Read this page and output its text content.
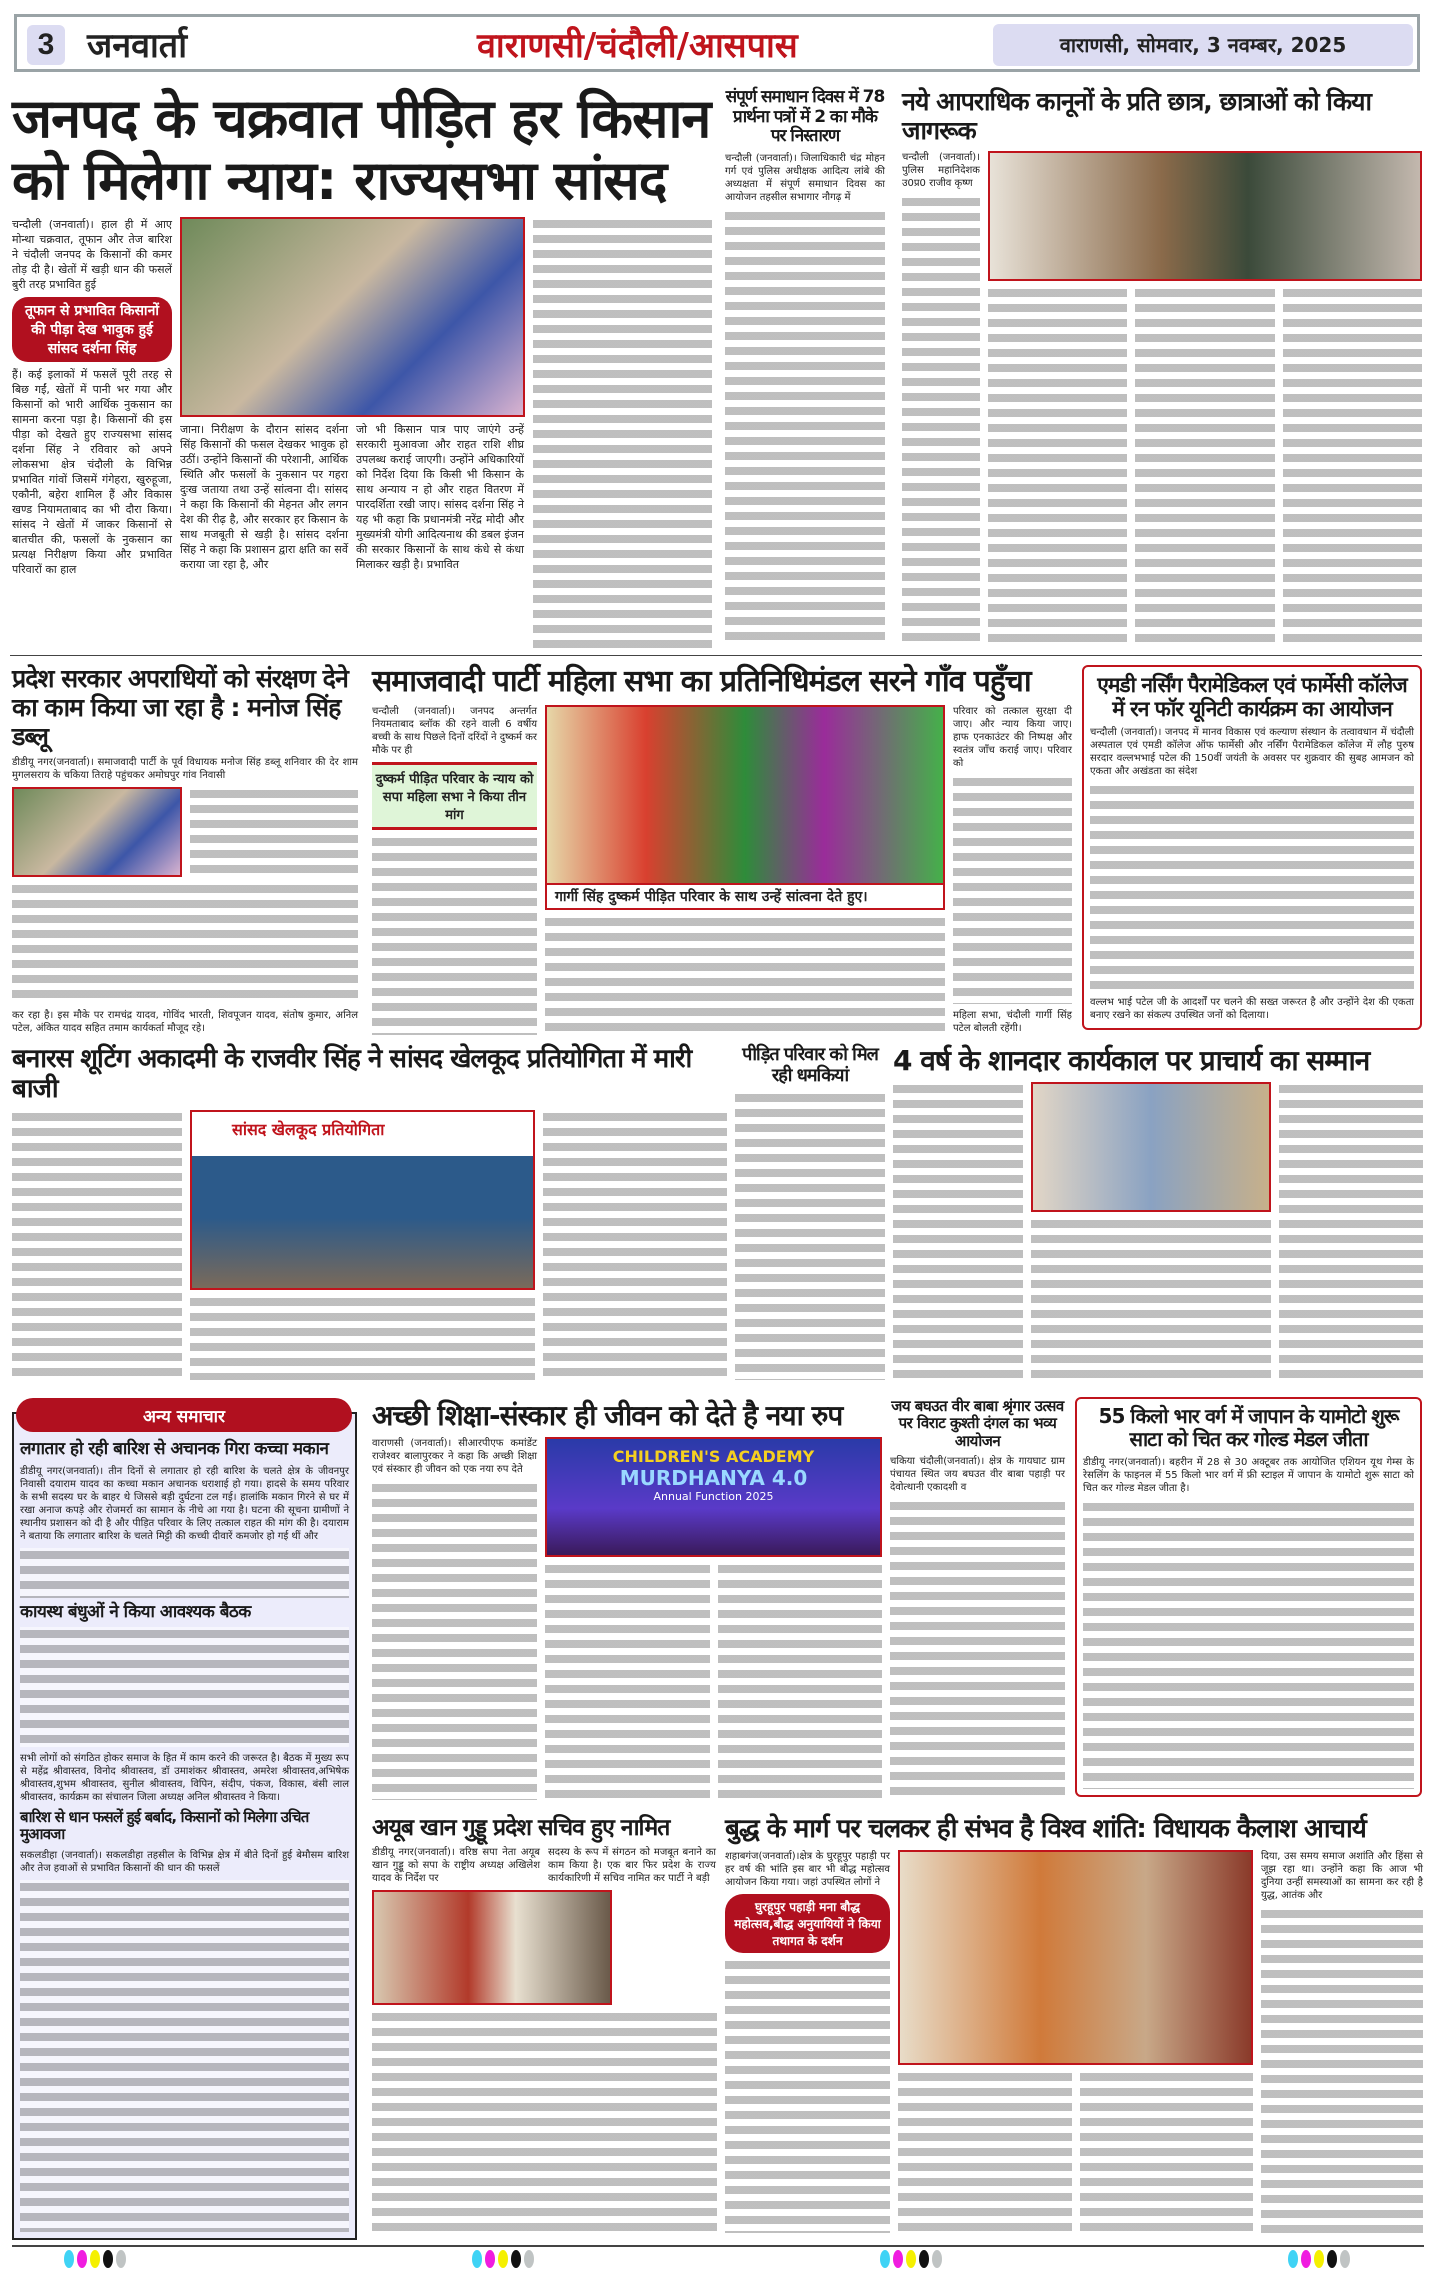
3 जनवार्ता	वाराणसी/चंदौली/आसपास	वाराणसी, सोमवार, 3 नवम्बर, 2025
जनपद के चक्रवात पीड़ित हर किसान को मिलेगा न्याय: राज्यसभा सांसद
चन्दौली (जनवार्ता)। हाल ही में आए मोन्था चक्रवात, तूफान और तेज बारिश ने चंदौली जनपद के किसानों की कमर तोड़ दी है। खेतों में खड़ी धान की फसलें बुरी तरह प्रभावित हुई
तूफान से प्रभावित किसानों की पीड़ा देख भावुक हुई सांसद दर्शना सिंह
हैं। कई इलाकों में फसलें पूरी तरह से बिछ गईं, खेतों में पानी भर गया और किसानों को भारी आर्थिक नुकसान का सामना करना पड़ा है। किसानों की इस पीड़ा को देखते हुए राज्यसभा सांसद दर्शना सिंह ने रविवार को अपने लोकसभा क्षेत्र चंदौली के विभिन्न प्रभावित गांवों जिसमें गंगेहरा, खुरुहूजा, एकौनी, बहेरा शामिल हैं और विकास खण्ड नियामताबाद का भी दौरा किया। सांसद ने खेतों में जाकर किसानों से बातचीत की, फसलों के नुकसान का प्रत्यक्ष निरीक्षण किया और प्रभावित परिवारों का हाल
जाना। निरीक्षण के दौरान सांसद दर्शना सिंह किसानों की फसल देखकर भावुक हो उठीं। उन्होंने किसानों की परेशानी, आर्थिक स्थिति और फसलों के नुकसान पर गहरा दुःख जताया तथा उन्हें सांत्वना दी। सांसद ने कहा कि किसानों की मेहनत और लगन देश की रीढ़ है, और सरकार हर किसान के साथ मजबूती से खड़ी है। सांसद दर्शना सिंह ने कहा कि प्रशासन द्वारा क्षति का सर्वे कराया जा रहा है, और
जो भी किसान पात्र पाए जाएंगे उन्हें सरकारी मुआवजा और राहत राशि शीघ्र उपलब्ध कराई जाएगी। उन्होंने अधिकारियों को निर्देश दिया कि किसी भी किसान के साथ अन्याय न हो और राहत वितरण में पारदर्शिता रखी जाए। सांसद दर्शना सिंह ने यह भी कहा कि प्रधानमंत्री नरेंद्र मोदी और मुख्यमंत्री योगी आदित्यनाथ की डबल इंजन की सरकार किसानों के साथ कंधे से कंधा मिलाकर खड़ी है। प्रभावित
संपूर्ण समाधान दिवस में 78 प्रार्थना पत्रों में 2 का मौके पर निस्तारण
चन्दौली (जनवार्ता)। जिलाधिकारी चंद्र मोहन गर्ग एवं पुलिस अधीक्षक आदित्य लांबे की अध्यक्षता में संपूर्ण समाधान दिवस का आयोजन तहसील सभागार नौगढ़ में
नये आपराधिक कानूनों के प्रति छात्र, छात्राओं को किया जागरूक
चन्दौली (जनवार्ता)। पुलिस महानिदेशक उ0प्र0 राजीव कृष्ण
प्रदेश सरकार अपराधियों को संरक्षण देने का काम किया जा रहा है : मनोज सिंह डब्लू
डीडीयू नगर(जनवार्ता)। समाजवादी पार्टी के पूर्व विधायक मनोज सिंह डब्लू शनिवार की देर शाम मुगलसराय के चकिया तिराहे पहुंचकर अमोघपुर गांव निवासी
कर रहा है। इस मौके पर रामचंद्र यादव, गोविंद भारती, शिवपूजन यादव, संतोष कुमार, अनिल पटेल, अंकित यादव सहित तमाम कार्यकर्ता मौजूद रहे।
समाजवादी पार्टी महिला सभा का प्रतिनिधिमंडल सरने गाँव पहुँचा
चन्दौली (जनवार्ता)। जनपद अन्तर्गत नियमताबाद ब्लॉक की रहने वाली 6 वर्षीय बच्ची के साथ पिछले दिनों दरिंदों ने दुष्कर्म कर मौके पर ही
दुष्कर्म पीड़ित परिवार के न्याय को सपा महिला सभा ने किया तीन मांग
गार्गी सिंह दुष्कर्म पीड़ित परिवार के साथ उन्हें सांत्वना देते हुए।
परिवार को तत्काल सुरक्षा दी जाए। और न्याय किया जाए। हाफ एनकाउंटर की निष्पक्ष और स्वतंत्र जाँच कराई जाए। परिवार को
महिला सभा, चंदौली गार्गी सिंह पटेल बोलती रहेंगी।
एमडी नर्सिंग पैरामेडिकल एवं फार्मेसी कॉलेज में रन फॉर यूनिटी कार्यक्रम का आयोजन
चन्दौली (जनवार्ता)। जनपद में मानव विकास एवं कल्याण संस्थान के तत्वावधान में चंदौली अस्पताल एवं एमडी कॉलेज ऑफ फार्मेसी और नर्सिंग पैरामेडिकल कॉलेज में लौह पुरुष सरदार वल्लभभाई पटेल की 150वीं जयंती के अवसर पर शुक्रवार की सुबह आमजन को एकता और अखंडता का संदेश
वल्लभ भाई पटेल जी के आदर्शों पर चलने की सख्त जरूरत है और उन्होंने देश की एकता बनाए रखने का संकल्प उपस्थित जनों को दिलाया।
बनारस शूटिंग अकादमी के राजवीर सिंह ने सांसद खेलकूद प्रतियोगिता में मारी बाजी
सांसद खेलकूद प्रतियोगिता
पीड़ित परिवार को मिल रही धमकियां	4 वर्ष के शानदार कार्यकाल पर प्राचार्य का सम्मान
लगातार हो रही बारिश से अचानक गिरा कच्चा मकान
डीडीयू नगर(जनवार्ता)। तीन दिनों से लगातार हो रही बारिश के चलते क्षेत्र के जीवनपुर निवासी दयाराम यादव का कच्चा मकान अचानक धराशाई हो गया। हादसे के समय परिवार के सभी सदस्य घर के बाहर थे जिससे बड़ी दुर्घटना टल गई। हालांकि मकान गिरने से घर में रखा अनाज कपड़े और रोजमर्रा का सामान के नीचे आ गया है। घटना की सूचना ग्रामीणों ने स्थानीय प्रशासन को दी है और पीड़ित परिवार के लिए तत्काल राहत की मांग की है। दयाराम ने बताया कि लगातार बारिश के चलते मिट्टी की कच्ची दीवारें कमजोर हो गई थीं और
कायस्थ बंधुओं ने किया आवश्यक बैठक
सभी लोगों को संगठित होकर समाज के हित में काम करने की जरूरत है। बैठक में मुख्य रूप से महेंद्र श्रीवास्तव, विनोद श्रीवास्तव, डॉ उमाशंकर श्रीवास्तव, अमरेश श्रीवास्तव,अभिषेक श्रीवास्तव,शुभम श्रीवास्तव, सुनील श्रीवास्तव, विपिन, संदीप, पंकज, विकास, बंसी लाल श्रीवास्तव, कार्यक्रम का संचालन जिला अध्यक्ष अनिल श्रीवास्तव ने किया।
बारिश से धान फसलें हुई बर्बाद, किसानों को मिलेगा उचित मुआवजा
सकलडीहा (जनवार्ता)। सकलडीहा तहसील के विभिन्न क्षेत्र में बीते दिनों हुई बेमौसम बारिश और तेज हवाओं से प्रभावित किसानों की धान की फसलें
अन्य समाचार	अच्छी शिक्षा-संस्कार ही जीवन को देते है नया रुप
वाराणसी (जनवार्ता)। सीआरपीएफ कमांडेंट राजेश्वर बालापुरकर ने कहा कि अच्छी शिक्षा एवं संस्कार ही जीवन को एक नया रुप देते
CHILDREN'S ACADEMY
MURDHANYA 4.0
Annual Function 2025
जय बघउत वीर बाबा श्रृंगार उत्सव पर विराट कुश्ती दंगल का भव्य आयोजन
चकिया चंदौली(जनवार्ता)। क्षेत्र के गायघाट ग्राम पंचायत स्थित जय बघउत वीर बाबा पहाड़ी पर देवोत्थानी एकादशी व
55 किलो भार वर्ग में जापान के यामोटो शुरू साटा को चित कर गोल्ड मेडल जीता
डीडीयू नगर(जनवार्ता)। बहरीन में 28 से 30 अक्टूबर तक आयोजित एशियन यूथ गेम्स के रेसलिंग के फाइनल में 55 किलो भार वर्ग में फ्री स्टाइल में जापान के यामोटो शुरू साटा को चित कर गोल्ड मेडल जीता है।
अयूब खान गुड्डू प्रदेश सचिव हुए नामित
डीडीयू नगर(जनवार्ता)। वरिष्ठ सपा नेता अयूब खान गुड्डू को सपा के राष्ट्रीय अध्यक्ष अखिलेश यादव के निर्देश पर
सदस्य के रूप में संगठन को मजबूत बनाने का काम किया है। एक बार फिर प्रदेश के राज्य कार्यकारिणी में सचिव नामित कर पार्टी ने बड़ी
बुद्ध के मार्ग पर चलकर ही संभव है विश्व शांति: विधायक कैलाश आचार्य
शहाबगंज(जनवार्ता)।क्षेत्र के घुरहूपुर पहाड़ी पर हर वर्ष की भांति इस बार भी बौद्ध महोत्सव आयोजन किया गया। जहां उपस्थित लोगों ने
घुरहूपुर पहाड़ी मना बौद्ध महोत्सव,बौद्ध अनुयायियों ने किया तथागत के दर्शन
दिया, उस समय समाज अशांति और हिंसा से जूझ रहा था। उन्होंने कहा कि आज भी दुनिया उन्हीं समस्याओं का सामना कर रही है युद्ध, आतंक और
